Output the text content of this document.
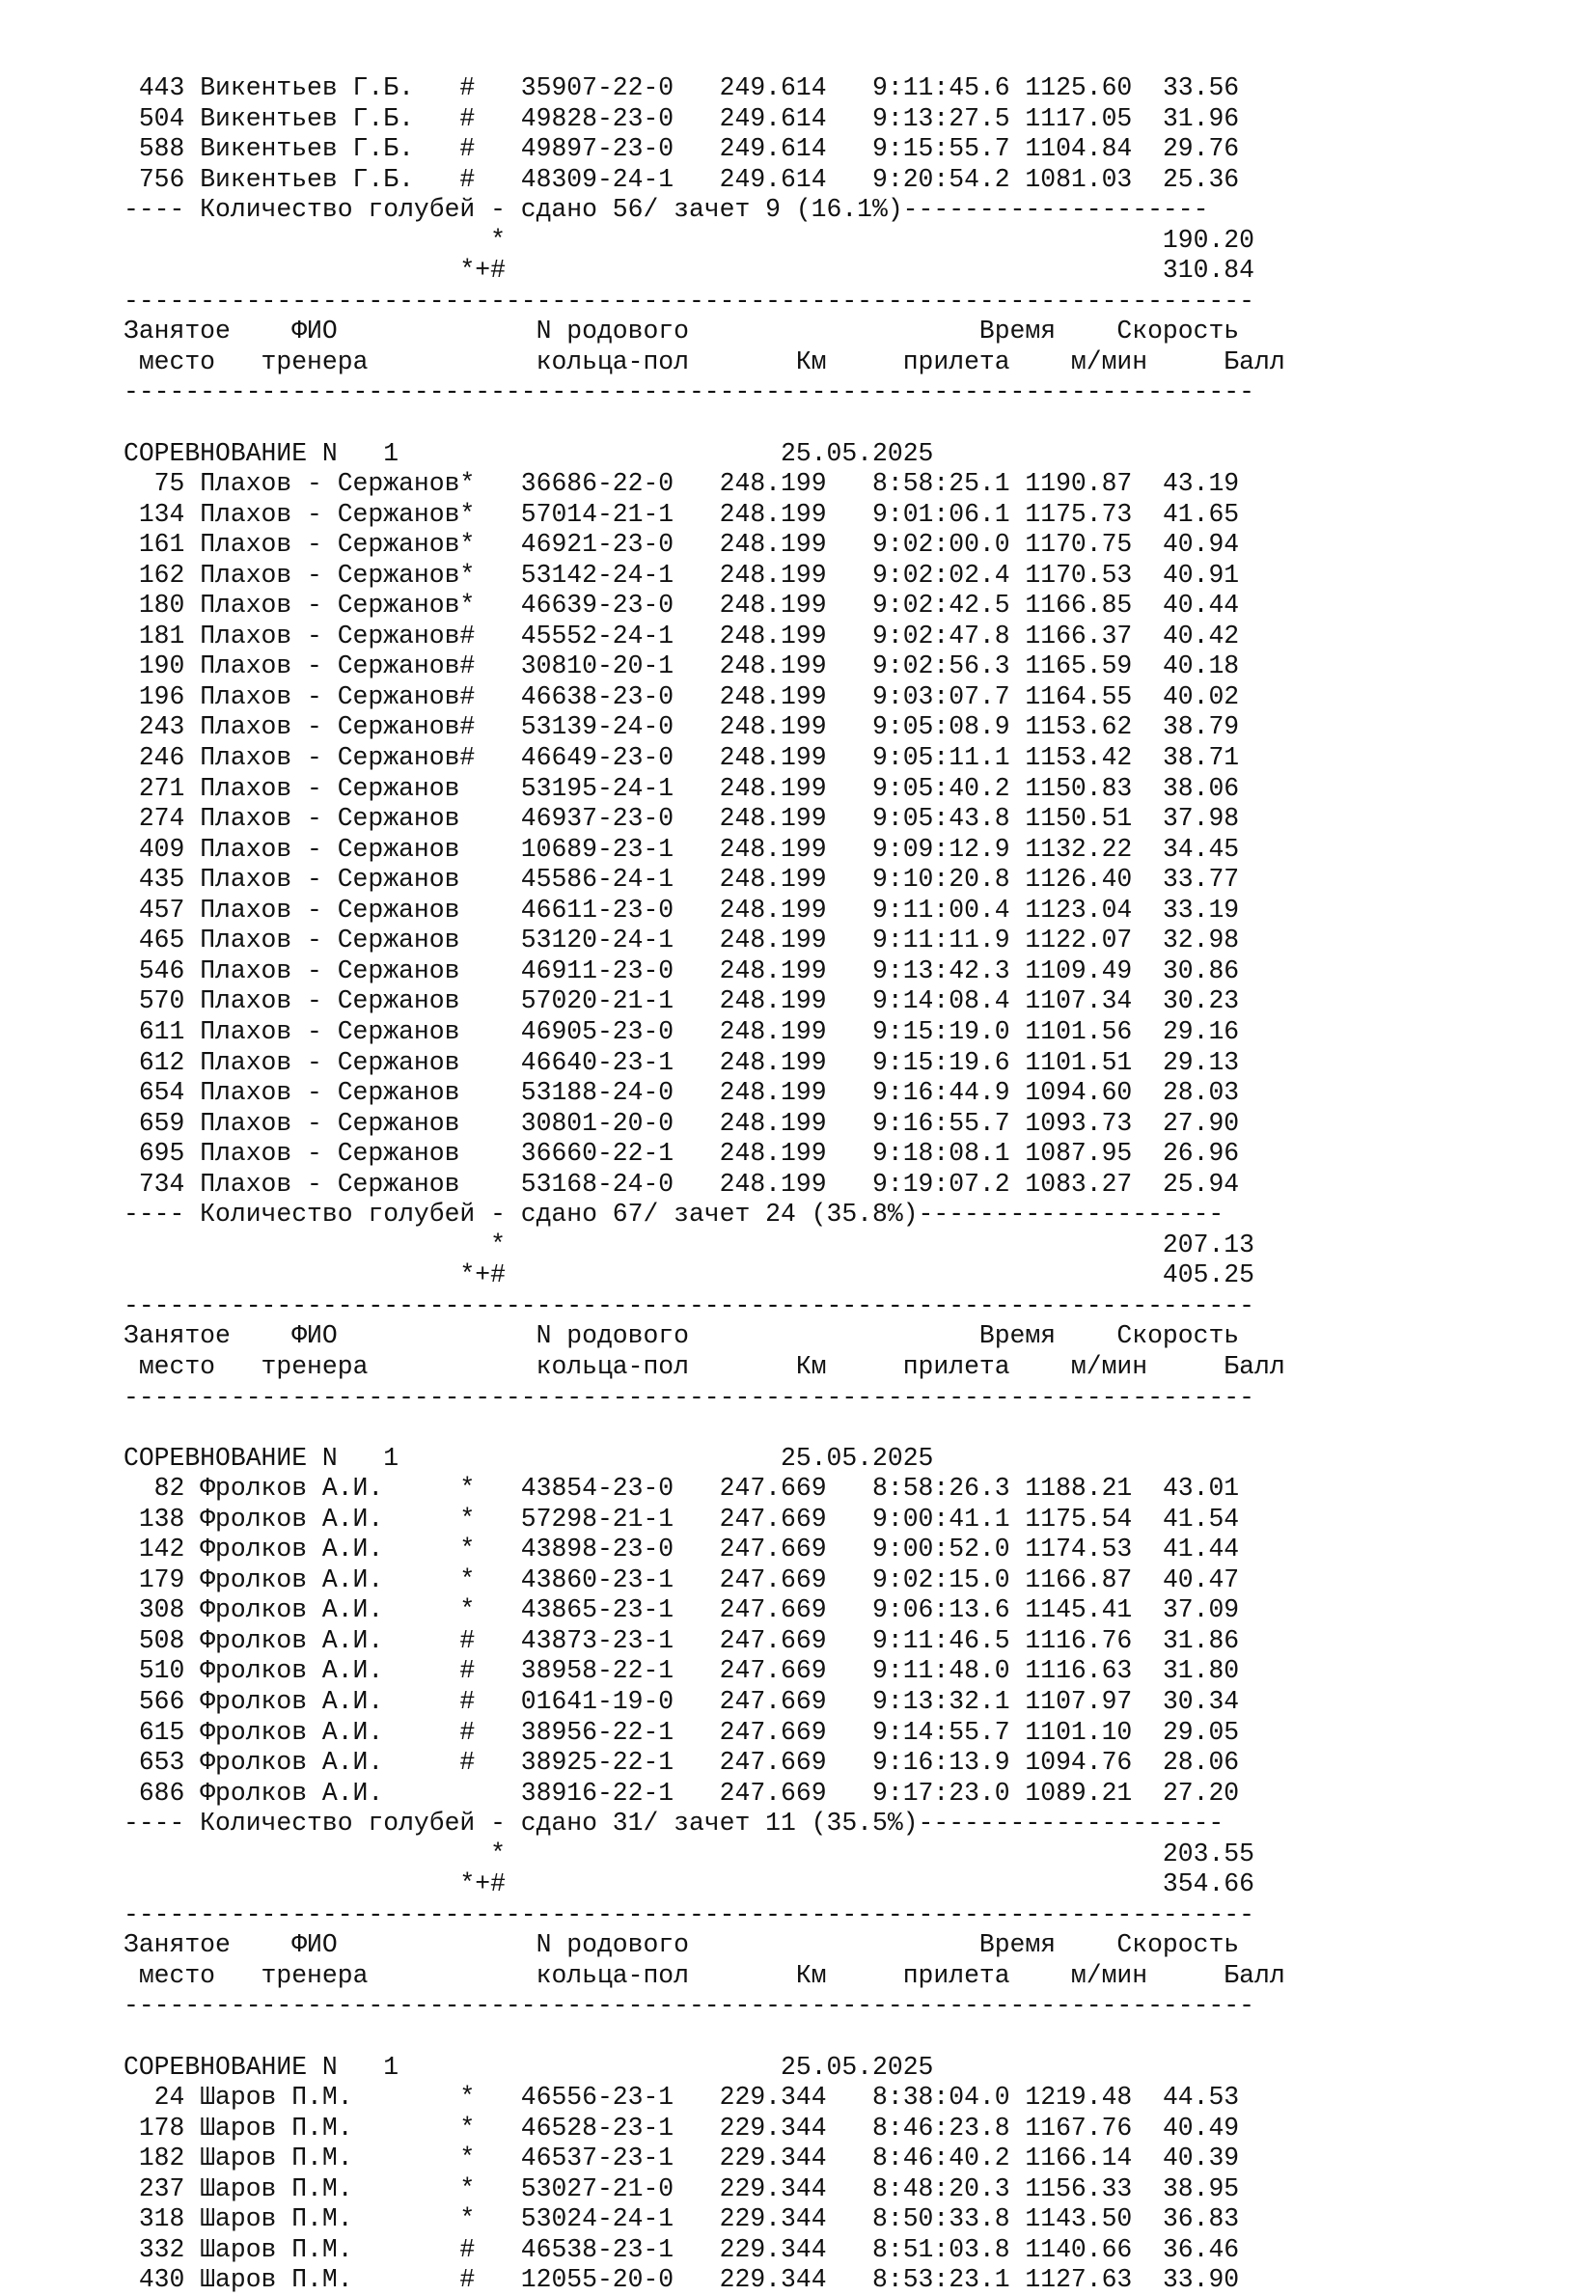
443 Викентьев Г.Б.   #   35907-22-0   249.614   9:11:45.6 1125.60  33.56
504 Викентьев Г.Б.   #   49828-23-0   249.614   9:13:27.5 1117.05  31.96
588 Викентьев Г.Б.   #   49897-23-0   249.614   9:15:55.7 1104.84  29.76
756 Викентьев Г.Б.   #   48309-24-1   249.614   9:20:54.2 1081.03  25.36
---- Количество голубей - сдано 56/ зачет 9 (16.1%)--------------------
*                                           190.20
*+#                                           310.84
--------------------------------------------------------------------------
Занятое    ФИО             N родового                   Время    Скорость
место   тренера           кольца-пол       Км     прилета    м/мин     Балл
--------------------------------------------------------------------------

СОРЕВНОВАНИЕ N   1                         25.05.2025
75 Плахов - Сержанов*   36686-22-0   248.199   8:58:25.1 1190.87  43.19
134 Плахов - Сержанов*   57014-21-1   248.199   9:01:06.1 1175.73  41.65
161 Плахов - Сержанов*   46921-23-0   248.199   9:02:00.0 1170.75  40.94
162 Плахов - Сержанов*   53142-24-1   248.199   9:02:02.4 1170.53  40.91
180 Плахов - Сержанов*   46639-23-0   248.199   9:02:42.5 1166.85  40.44
181 Плахов - Сержанов#   45552-24-1   248.199   9:02:47.8 1166.37  40.42
190 Плахов - Сержанов#   30810-20-1   248.199   9:02:56.3 1165.59  40.18
196 Плахов - Сержанов#   46638-23-0   248.199   9:03:07.7 1164.55  40.02
243 Плахов - Сержанов#   53139-24-0   248.199   9:05:08.9 1153.62  38.79
246 Плахов - Сержанов#   46649-23-0   248.199   9:05:11.1 1153.42  38.71
271 Плахов - Сержанов    53195-24-1   248.199   9:05:40.2 1150.83  38.06
274 Плахов - Сержанов    46937-23-0   248.199   9:05:43.8 1150.51  37.98
409 Плахов - Сержанов    10689-23-1   248.199   9:09:12.9 1132.22  34.45
435 Плахов - Сержанов    45586-24-1   248.199   9:10:20.8 1126.40  33.77
457 Плахов - Сержанов    46611-23-0   248.199   9:11:00.4 1123.04  33.19
465 Плахов - Сержанов    53120-24-1   248.199   9:11:11.9 1122.07  32.98
546 Плахов - Сержанов    46911-23-0   248.199   9:13:42.3 1109.49  30.86
570 Плахов - Сержанов    57020-21-1   248.199   9:14:08.4 1107.34  30.23
611 Плахов - Сержанов    46905-23-0   248.199   9:15:19.0 1101.56  29.16
612 Плахов - Сержанов    46640-23-1   248.199   9:15:19.6 1101.51  29.13
654 Плахов - Сержанов    53188-24-0   248.199   9:16:44.9 1094.60  28.03
659 Плахов - Сержанов    30801-20-0   248.199   9:16:55.7 1093.73  27.90
695 Плахов - Сержанов    36660-22-1   248.199   9:18:08.1 1087.95  26.96
734 Плахов - Сержанов    53168-24-0   248.199   9:19:07.2 1083.27  25.94
---- Количество голубей - сдано 67/ зачет 24 (35.8%)--------------------
*                                           207.13
*+#                                           405.25
--------------------------------------------------------------------------
Занятое    ФИО             N родового                   Время    Скорость
место   тренера           кольца-пол       Км     прилета    м/мин     Балл
--------------------------------------------------------------------------

СОРЕВНОВАНИЕ N   1                         25.05.2025
82 Фролков А.И.     *   43854-23-0   247.669   8:58:26.3 1188.21  43.01
138 Фролков А.И.     *   57298-21-1   247.669   9:00:41.1 1175.54  41.54
142 Фролков А.И.     *   43898-23-0   247.669   9:00:52.0 1174.53  41.44
179 Фролков А.И.     *   43860-23-1   247.669   9:02:15.0 1166.87  40.47
308 Фролков А.И.     *   43865-23-1   247.669   9:06:13.6 1145.41  37.09
508 Фролков А.И.     #   43873-23-1   247.669   9:11:46.5 1116.76  31.86
510 Фролков А.И.     #   38958-22-1   247.669   9:11:48.0 1116.63  31.80
566 Фролков А.И.     #   01641-19-0   247.669   9:13:32.1 1107.97  30.34
615 Фролков А.И.     #   38956-22-1   247.669   9:14:55.7 1101.10  29.05
653 Фролков А.И.     #   38925-22-1   247.669   9:16:13.9 1094.76  28.06
686 Фролков А.И.         38916-22-1   247.669   9:17:23.0 1089.21  27.20
---- Количество голубей - сдано 31/ зачет 11 (35.5%)--------------------
*                                           203.55
*+#                                           354.66
--------------------------------------------------------------------------
Занятое    ФИО             N родового                   Время    Скорость
место   тренера           кольца-пол       Км     прилета    м/мин     Балл
--------------------------------------------------------------------------

СОРЕВНОВАНИЕ N   1                         25.05.2025
24 Шаров П.М.       *   46556-23-1   229.344   8:38:04.0 1219.48  44.53
178 Шаров П.М.       *   46528-23-1   229.344   8:46:23.8 1167.76  40.49
182 Шаров П.М.       *   46537-23-1   229.344   8:46:40.2 1166.14  40.39
237 Шаров П.М.       *   53027-21-0   229.344   8:48:20.3 1156.33  38.95
318 Шаров П.М.       *   53024-24-1   229.344   8:50:33.8 1143.50  36.83
332 Шаров П.М.       #   46538-23-1   229.344   8:51:03.8 1140.66  36.46
430 Шаров П.М.       #   12055-20-0   229.344   8:53:23.1 1127.63  33.90
